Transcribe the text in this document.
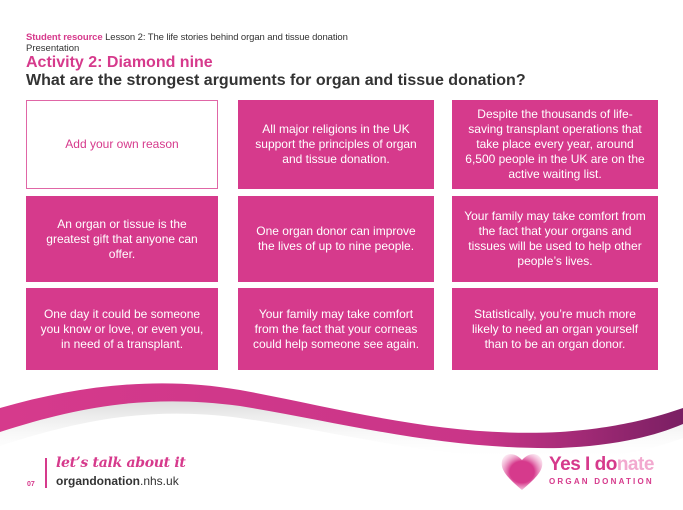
Student resource Lesson 2: The life stories behind organ and tissue donation
Presentation
Activity 2: Diamond nine
What are the strongest arguments for organ and tissue donation?
Add your own reason
All major religions in the UK support the principles of organ and tissue donation.
Despite the thousands of life-saving transplant operations that take place every year, around 6,500 people in the UK are on the active waiting list.
An organ or tissue is the greatest gift that anyone can offer.
One organ donor can improve the lives of up to nine people.
Your family may take comfort from the fact that your organs and tissues will be used to help other people’s lives.
One day it could be someone you know or love, or even you, in need of a transplant.
Your family may take comfort from the fact that your corneas could help someone see again.
Statistically, you’re much more likely to need an organ yourself than to be an organ donor.
07
let’s talk about it
organdonation.nhs.uk
Yes I donate
ORGAN DONATION
